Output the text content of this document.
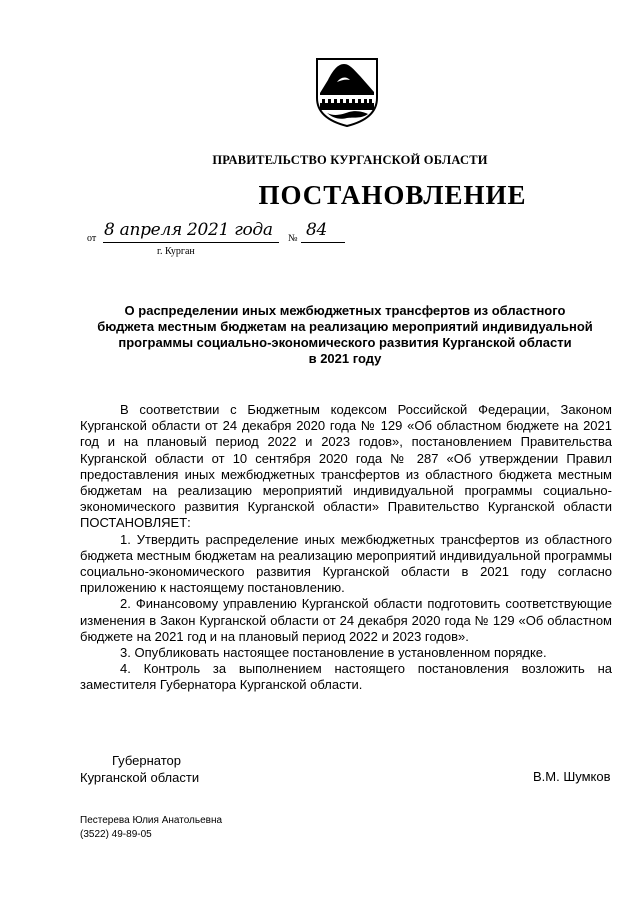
ПРАВИТЕЛЬСТВО КУРГАНСКОЙ ОБЛАСТИ
ПОСТАНОВЛЕНИЕ
от 8 апреля 2021 года № 84
г. Курган
О распределении иных межбюджетных трансфертов из областного
бюджета местным бюджетам на реализацию мероприятий индивидуальной
программы социально-экономического развития Курганской области
в 2021 году

В соответствии с Бюджетным кодексом Российской Федерации, Законом Курганской области от 24 декабря 2020 года № 129 «Об областном бюджете на 2021 год и на плановый период 2022 и 2023 годов», постановлением Правительства Курганской области от 10 сентября 2020 года № 287 «Об утверждении Правил предоставления иных межбюджетных трансфертов из областного бюджета местным бюджетам на реализацию мероприятий индивидуальной программы социально-экономического развития Курганской области» Правительство Курганской области ПОСТАНОВЛЯЕТ:

1. Утвердить распределение иных межбюджетных трансфертов из областного бюджета местным бюджетам на реализацию мероприятий индивидуальной программы социально-экономического развития Курганской области в 2021 году согласно приложению к настоящему постановлению.

2. Финансовому управлению Курганской области подготовить соответствующие изменения в Закон Курганской области от 24 декабря 2020 года № 129 «Об областном бюджете на 2021 год и на плановый период 2022 и 2023 годов».

3. Опубликовать настоящее постановление в установленном порядке.

4. Контроль за выполнением настоящего постановления возложить на заместителя Губернатора Курганской области.

Губернатор
Курганской области	В.М. Шумков
Пестерева Юлия Анатольевна
(3522) 49-89-05
